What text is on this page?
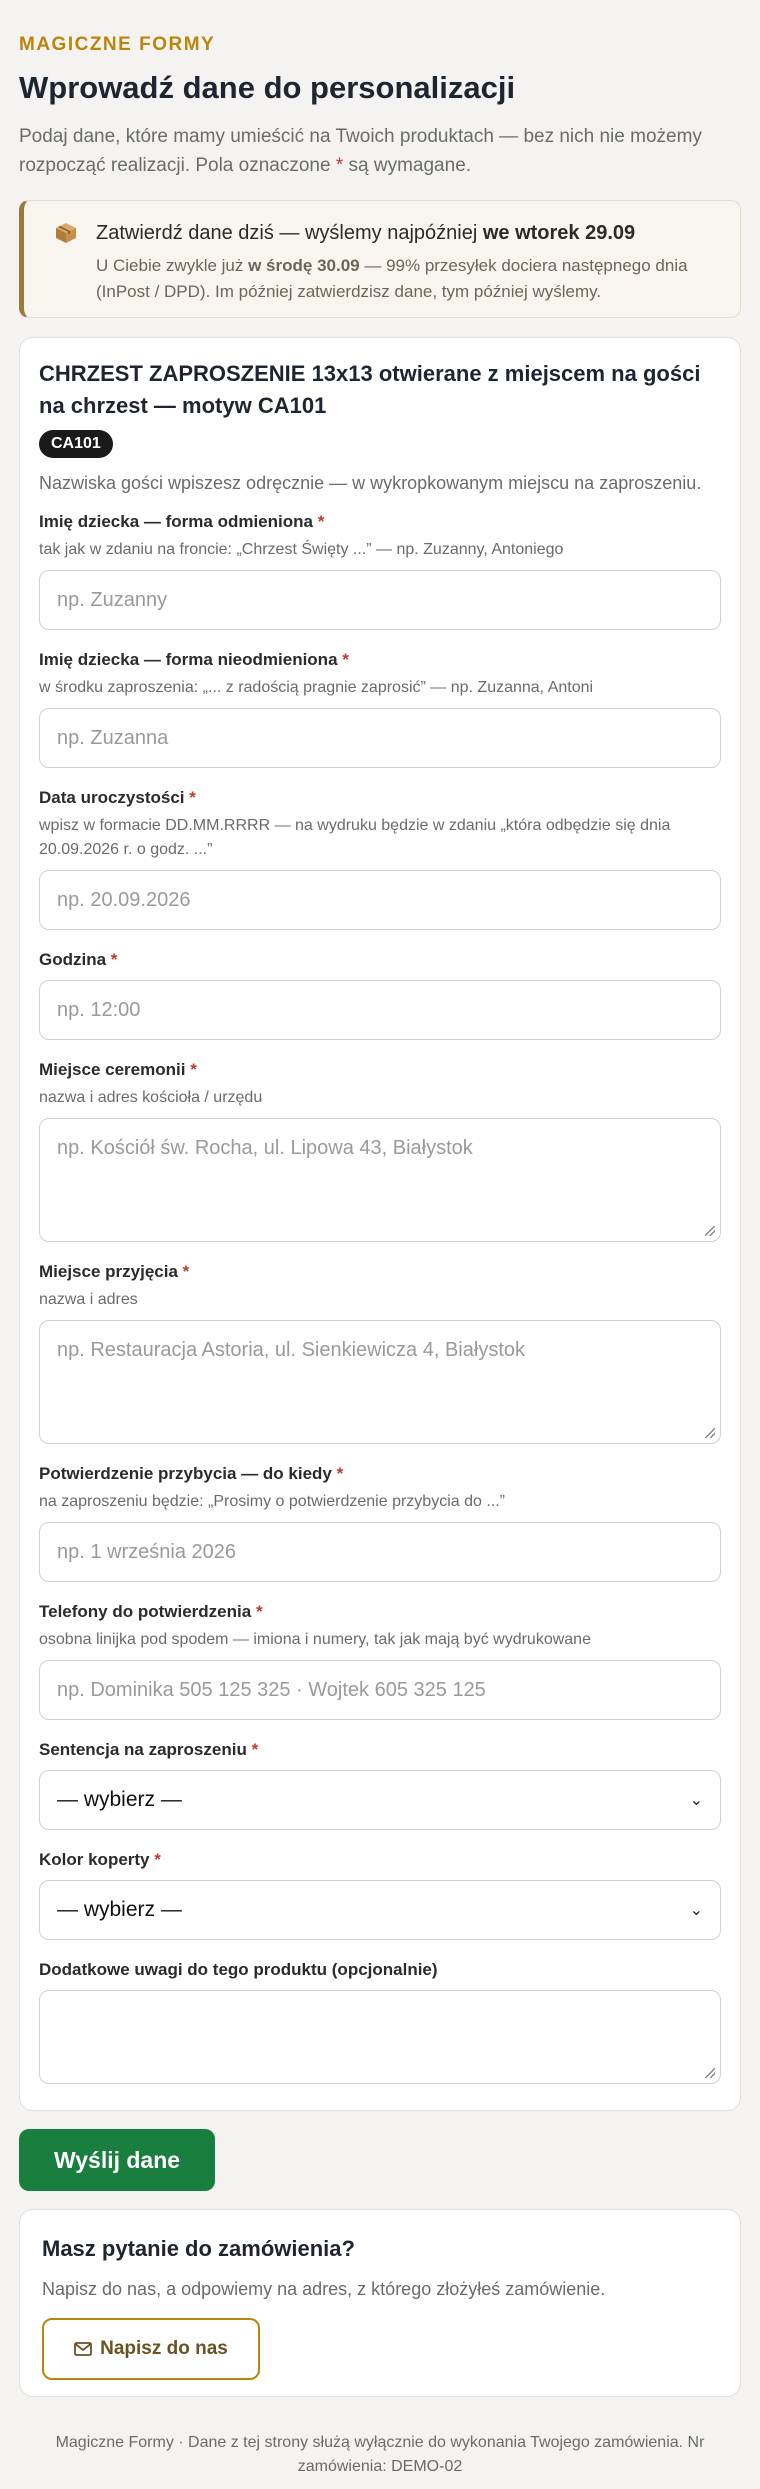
MAGICZNE FORMY
Wprowadź dane do personalizacji
Podaj dane, które mamy umieścić na Twoich produktach — bez nich nie możemy rozpocząć realizacji. Pola oznaczone * są wymagane.
Zatwierdź dane dziś — wyślemy najpóźniej we wtorek 29.09
U Ciebie zwykle już w środę 30.09 — 99% przesyłek dociera następnego dnia (InPost / DPD). Im później zatwierdzisz dane, tym później wyślemy.
CHRZEST ZAPROSZENIE 13x13 otwierane z miejscem na gości na chrzest — motyw CA101
CA101
Nazwiska gości wpiszesz odręcznie — w wykropkowanym miejscu na zaproszeniu.
Imię dziecka — forma odmieniona *
tak jak w zdaniu na froncie: „Chrzest Święty ...” — np. Zuzanny, Antoniego
np. Zuzanny
Imię dziecka — forma nieodmieniona *
w środku zaproszenia: „... z radością pragnie zaprosić” — np. Zuzanna, Antoni
np. Zuzanna
Data uroczystości *
wpisz w formacie DD.MM.RRRR — na wydruku będzie w zdaniu „która odbędzie się dnia 20.09.2026 r. o godz. ...”
np. 20.09.2026
Godzina *
np. 12:00
Miejsce ceremonii *
nazwa i adres kościoła / urzędu
np. Kościół św. Rocha, ul. Lipowa 43, Białystok
Miejsce przyjęcia *
nazwa i adres
np. Restauracja Astoria, ul. Sienkiewicza 4, Białystok
Potwierdzenie przybycia — do kiedy *
na zaproszeniu będzie: „Prosimy o potwierdzenie przybycia do ...”
np. 1 września 2026
Telefony do potwierdzenia *
osobna linijka pod spodem — imiona i numery, tak jak mają być wydrukowane
np. Dominika 505 125 325 · Wojtek 605 325 125
Sentencja na zaproszeniu *
— wybierz —	⌄
Kolor koperty *
— wybierz —	⌄
Dodatkowe uwagi do tego produktu (opcjonalnie)
Wyślij dane
Masz pytanie do zamówienia?

Napisz do nas, a odpowiemy na adres, z którego złożyłeś zamówienie.

Napisz do nas
Magiczne Formy · Dane z tej strony służą wyłącznie do wykonania Twojego zamówienia. Nr zamówienia: DEMO-02
